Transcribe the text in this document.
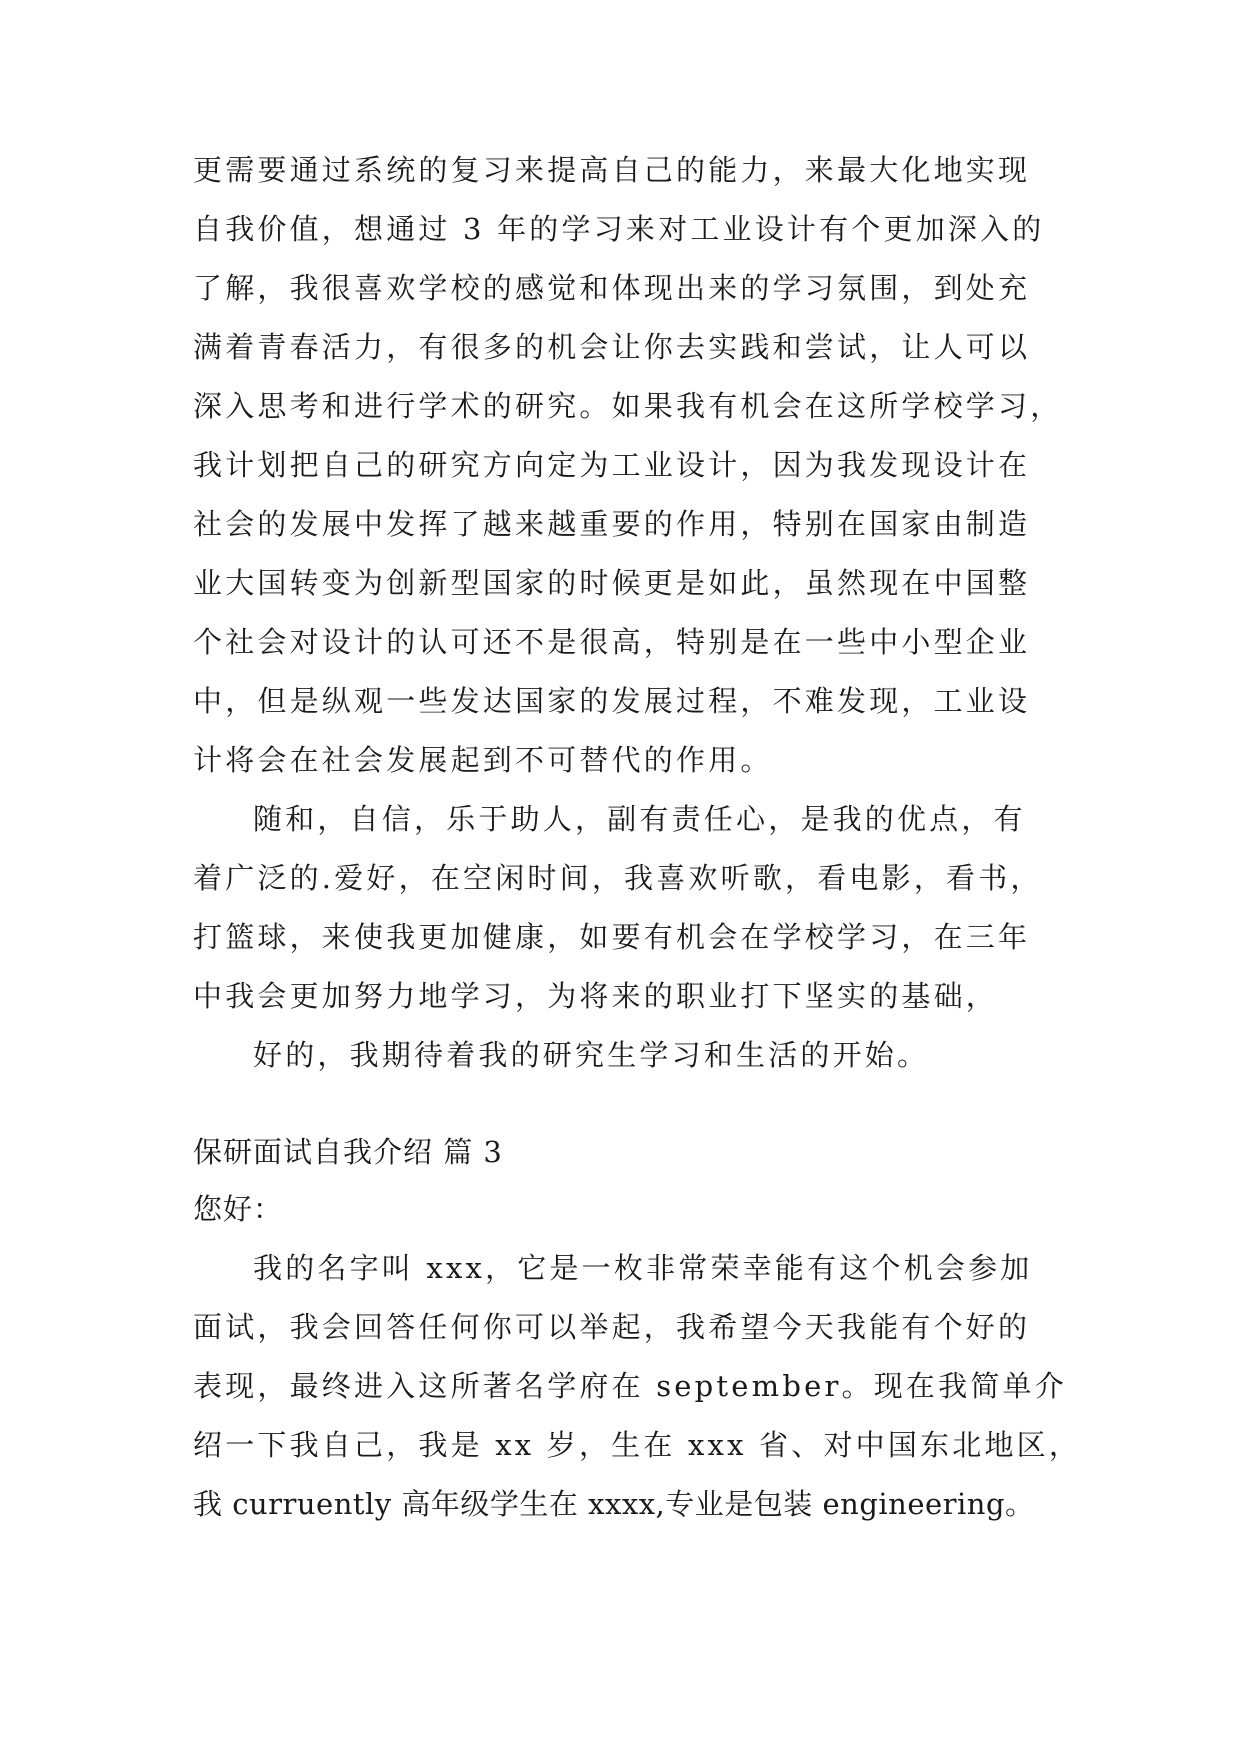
更需要通过系统的复习来提高自己的能力，来最大化地实现
自我价值，想通过 3 年的学习来对工业设计有个更加深入的
了解，我很喜欢学校的感觉和体现出来的学习氛围，到处充
满着青春活力，有很多的机会让你去实践和尝试，让人可以
深入思考和进行学术的研究。如果我有机会在这所学校学习，
我计划把自己的研究方向定为工业设计，因为我发现设计在
社会的发展中发挥了越来越重要的作用，特别在国家由制造
业大国转变为创新型国家的时候更是如此，虽然现在中国整
个社会对设计的认可还不是很高，特别是在一些中小型企业
中，但是纵观一些发达国家的发展过程，不难发现，工业设
计将会在社会发展起到不可替代的作用。
随和，自信，乐于助人，副有责任心，是我的优点，有
着广泛的.爱好，在空闲时间，我喜欢听歌，看电影，看书，
打篮球，来使我更加健康，如要有机会在学校学习，在三年
中我会更加努力地学习，为将来的职业打下坚实的基础，
好的，我期待着我的研究生学习和生活的开始。
保研面试自我介绍 篇 3
您好：
我的名字叫 xxx，它是一枚非常荣幸能有这个机会参加
面试，我会回答任何你可以举起，我希望今天我能有个好的
表现，最终进入这所著名学府在 september。现在我简单介
绍一下我自己，我是 xx 岁，生在 xxx 省、对中国东北地区，
我 curruently 高年级学生在 xxxx,专业是包装 engineering。
